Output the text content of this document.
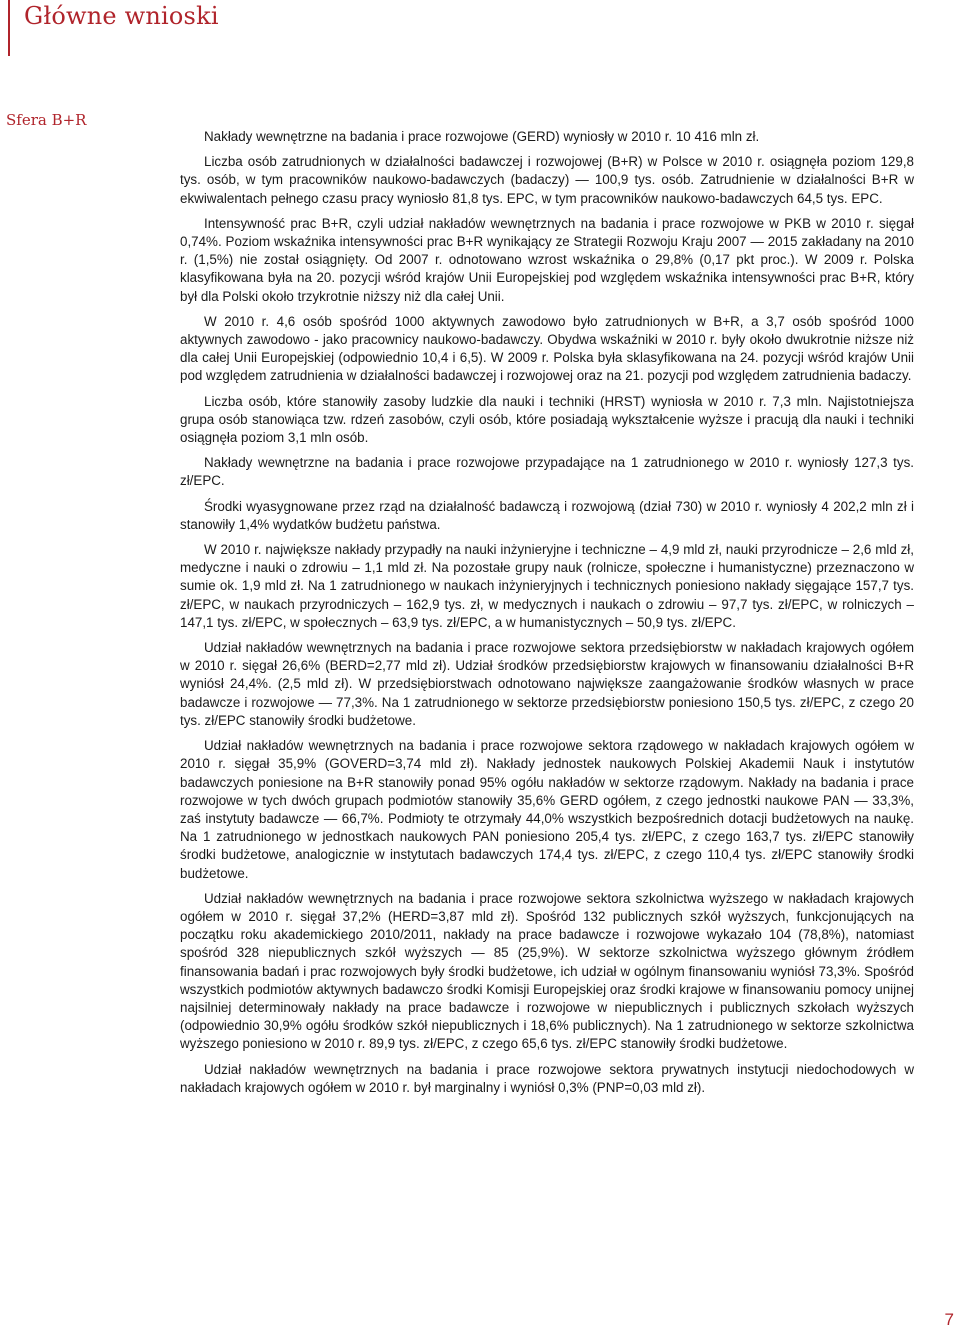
Główne wnioski
Sfera B+R

Nakłady wewnętrzne na badania i prace rozwojowe (GERD) wyniosły w 2010 r. 10 416 mln zł.

Liczba osób zatrudnionych w działalności badawczej i rozwojowej (B+R) w Polsce w 2010 r. osiągnęła poziom 129,8 tys. osób, w tym pracowników naukowo-badawczych (badaczy) — 100,9 tys. osób. Zatrudnienie w działalności B+R w ekwiwalentach pełnego czasu pracy wyniosło 81,8 tys. EPC, w tym pracowników naukowo-badawczych 64,5 tys. EPC.

Intensywność prac B+R, czyli udział nakładów wewnętrznych na badania i prace rozwojowe w PKB w 2010 r. sięgał 0,74%. Poziom wskaźnika intensywności prac B+R wynikający ze Strategii Rozwoju Kraju 2007 — 2015 zakładany na 2010 r. (1,5%) nie został osiągnięty. Od 2007 r. odnotowano wzrost wskaźnika o 29,8% (0,17 pkt proc.). W 2009 r. Polska klasyfikowana była na 20. pozycji wśród krajów Unii Europejskiej pod względem wskaźnika intensywności prac B+R, który był dla Polski około trzykrotnie niższy niż dla całej Unii.

W 2010 r. 4,6 osób spośród 1000 aktywnych zawodowo było zatrudnionych w B+R, a 3,7 osób spośród 1000 aktywnych zawodowo - jako pracownicy naukowo-badawczy. Obydwa wskaźniki w 2010 r. były około dwukrotnie niższe niż dla całej Unii Europejskiej (odpowiednio 10,4 i 6,5). W 2009 r. Polska była sklasyfikowana na 24. pozycji wśród krajów Unii pod względem zatrudnienia w działalności badawczej i rozwojowej oraz na 21. pozycji pod względem zatrudnienia badaczy.

Liczba osób, które stanowiły zasoby ludzkie dla nauki i techniki (HRST) wyniosła w 2010 r. 7,3 mln. Najistotniejsza grupa osób stanowiąca tzw. rdzeń zasobów, czyli osób, które posiadają wykształcenie wyższe i pracują dla nauki i techniki osiągnęła poziom 3,1 mln osób.

Nakłady wewnętrzne na badania i prace rozwojowe przypadające na 1 zatrudnionego w 2010 r. wyniosły 127,3 tys. zł/EPC.

Środki wyasygnowane przez rząd na działalność badawczą i rozwojową (dział 730) w 2010 r. wyniosły 4 202,2 mln zł i stanowiły 1,4% wydatków budżetu państwa.

W 2010 r. największe nakłady przypadły na nauki inżynieryjne i techniczne – 4,9 mld zł, nauki przyrodnicze – 2,6 mld zł, medyczne i nauki o zdrowiu – 1,1 mld zł. Na pozostałe grupy nauk (rolnicze, społeczne i humanistyczne) przeznaczono w sumie ok. 1,9 mld zł. Na 1 zatrudnionego w naukach inżynieryjnych i technicznych poniesiono nakłady sięgające 157,7 tys. zł/EPC, w naukach przyrodniczych – 162,9 tys. zł, w medycznych i naukach o zdrowiu – 97,7 tys. zł/EPC, w rolniczych – 147,1 tys. zł/EPC, w społecznych – 63,9 tys. zł/EPC, a w humanistycznych – 50,9 tys. zł/EPC.

Udział nakładów wewnętrznych na badania i prace rozwojowe sektora przedsiębiorstw w nakładach krajowych ogółem w 2010 r. sięgał 26,6% (BERD=2,77 mld zł). Udział środków przedsiębiorstw krajowych w finansowaniu działalności B+R wyniósł 24,4%. (2,5 mld zł). W przedsiębiorstwach odnotowano największe zaangażowanie środków własnych w prace badawcze i rozwojowe — 77,3%. Na 1 zatrudnionego w sektorze przedsiębiorstw poniesiono 150,5 tys. zł/EPC, z czego 20 tys. zł/EPC stanowiły środki budżetowe.

Udział nakładów wewnętrznych na badania i prace rozwojowe sektora rządowego w nakładach krajowych ogółem w 2010 r. sięgał 35,9% (GOVERD=3,74 mld zł). Nakłady jednostek naukowych Polskiej Akademii Nauk i instytutów badawczych poniesione na B+R stanowiły ponad 95% ogółu nakładów w sektorze rządowym. Nakłady na badania i prace rozwojowe w tych dwóch grupach podmiotów stanowiły 35,6% GERD ogółem, z czego jednostki naukowe PAN — 33,3%, zaś instytuty badawcze — 66,7%. Podmioty te otrzymały 44,0% wszystkich bezpośrednich dotacji budżetowych na naukę. Na 1 zatrudnionego w jednostkach naukowych PAN poniesiono 205,4 tys. zł/EPC, z czego 163,7 tys. zł/EPC stanowiły środki budżetowe, analogicznie w instytutach badawczych 174,4 tys. zł/EPC, z czego 110,4 tys. zł/EPC stanowiły środki budżetowe.

Udział nakładów wewnętrznych na badania i prace rozwojowe sektora szkolnictwa wyższego w nakładach krajowych ogółem w 2010 r. sięgał 37,2% (HERD=3,87 mld zł). Spośród 132 publicznych szkół wyższych, funkcjonujących na początku roku akademickiego 2010/2011, nakłady na prace badawcze i rozwojowe wykazało 104 (78,8%), natomiast spośród 328 niepublicznych szkół wyższych — 85 (25,9%). W sektorze szkolnictwa wyższego głównym źródłem finansowania badań i prac rozwojowych były środki budżetowe, ich udział w ogólnym finansowaniu wyniósł 73,3%. Spośród wszystkich podmiotów aktywnych badawczo środki Komisji Europejskiej oraz środki krajowe w finansowaniu pomocy unijnej najsilniej determinowały nakłady na prace badawcze i rozwojowe w niepublicznych i publicznych szkołach wyższych (odpowiednio 30,9% ogółu środków szkół niepublicznych i 18,6% publicznych). Na 1 zatrudnionego w sektorze szkolnictwa wyższego poniesiono w 2010 r. 89,9 tys. zł/EPC, z czego 65,6 tys. zł/EPC stanowiły środki budżetowe.

Udział nakładów wewnętrznych na badania i prace rozwojowe sektora prywatnych instytucji niedochodowych w nakładach krajowych ogółem w 2010 r. był marginalny i wyniósł 0,3% (PNP=0,03 mld zł).

7
